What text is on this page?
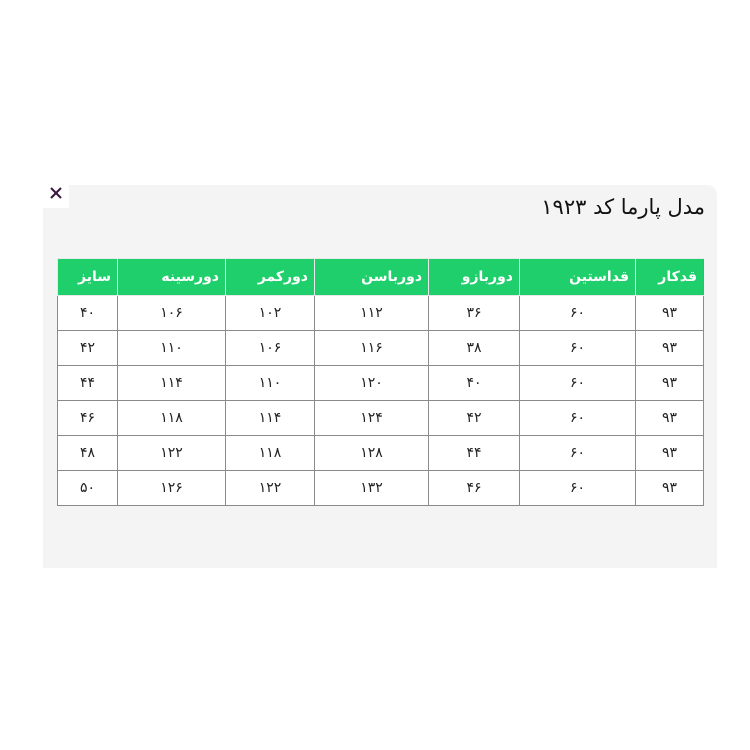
مدل پارما کد ۱۹۲۳
قدکار	قداستین	دوربازو	دورباسن	دورکمر	دورسینه	سایز
۹۳	۶۰	۳۶	۱۱۲	۱۰۲	۱۰۶	۴۰
۹۳	۶۰	۳۸	۱۱۶	۱۰۶	۱۱۰	۴۲
۹۳	۶۰	۴۰	۱۲۰	۱۱۰	۱۱۴	۴۴
۹۳	۶۰	۴۲	۱۲۴	۱۱۴	۱۱۸	۴۶
۹۳	۶۰	۴۴	۱۲۸	۱۱۸	۱۲۲	۴۸
۹۳	۶۰	۴۶	۱۳۲	۱۲۲	۱۲۶	۵۰
